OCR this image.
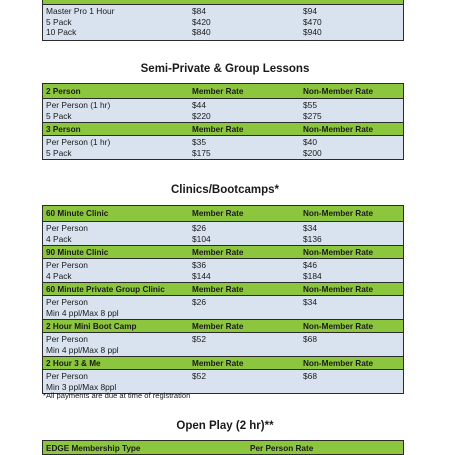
Master Pro 1 Hour	$84	$94
5 Pack	$420	$470
10 Pack	$840	$940
Semi-Private & Group Lessons
2 Person	Member Rate	Non-Member Rate
Per Person (1 hr)	$44	$55
5 Pack	$220	$275
3 Person	Member Rate	Non-Member Rate
Per Person (1 hr)	$35	$40
5 Pack	$175	$200
Clinics/Bootcamps*
60 Minute Clinic	Member Rate	Non-Member Rate
Per Person	$26	$34
4 Pack	$104	$136
90 Minute Clinic	Member Rate	Non-Member Rate
Per Person	$36	$46
4 Pack	$144	$184
60 Minute Private Group Clinic	Member Rate	Non-Member Rate
Per Person	$26	$34
Min 4 ppl/Max 8 ppl
2 Hour Mini Boot Camp	Member Rate	Non-Member Rate
Per Person	$52	$68
Min 4 ppl/Max 8 ppl
2 Hour 3 & Me	Member Rate	Non-Member Rate
Per Person	$52	$68
Min 3 ppl/Max 8ppl
*All payments are due at time of registration
Open Play (2 hr)**
EDGE Membership Type	Per Person Rate
